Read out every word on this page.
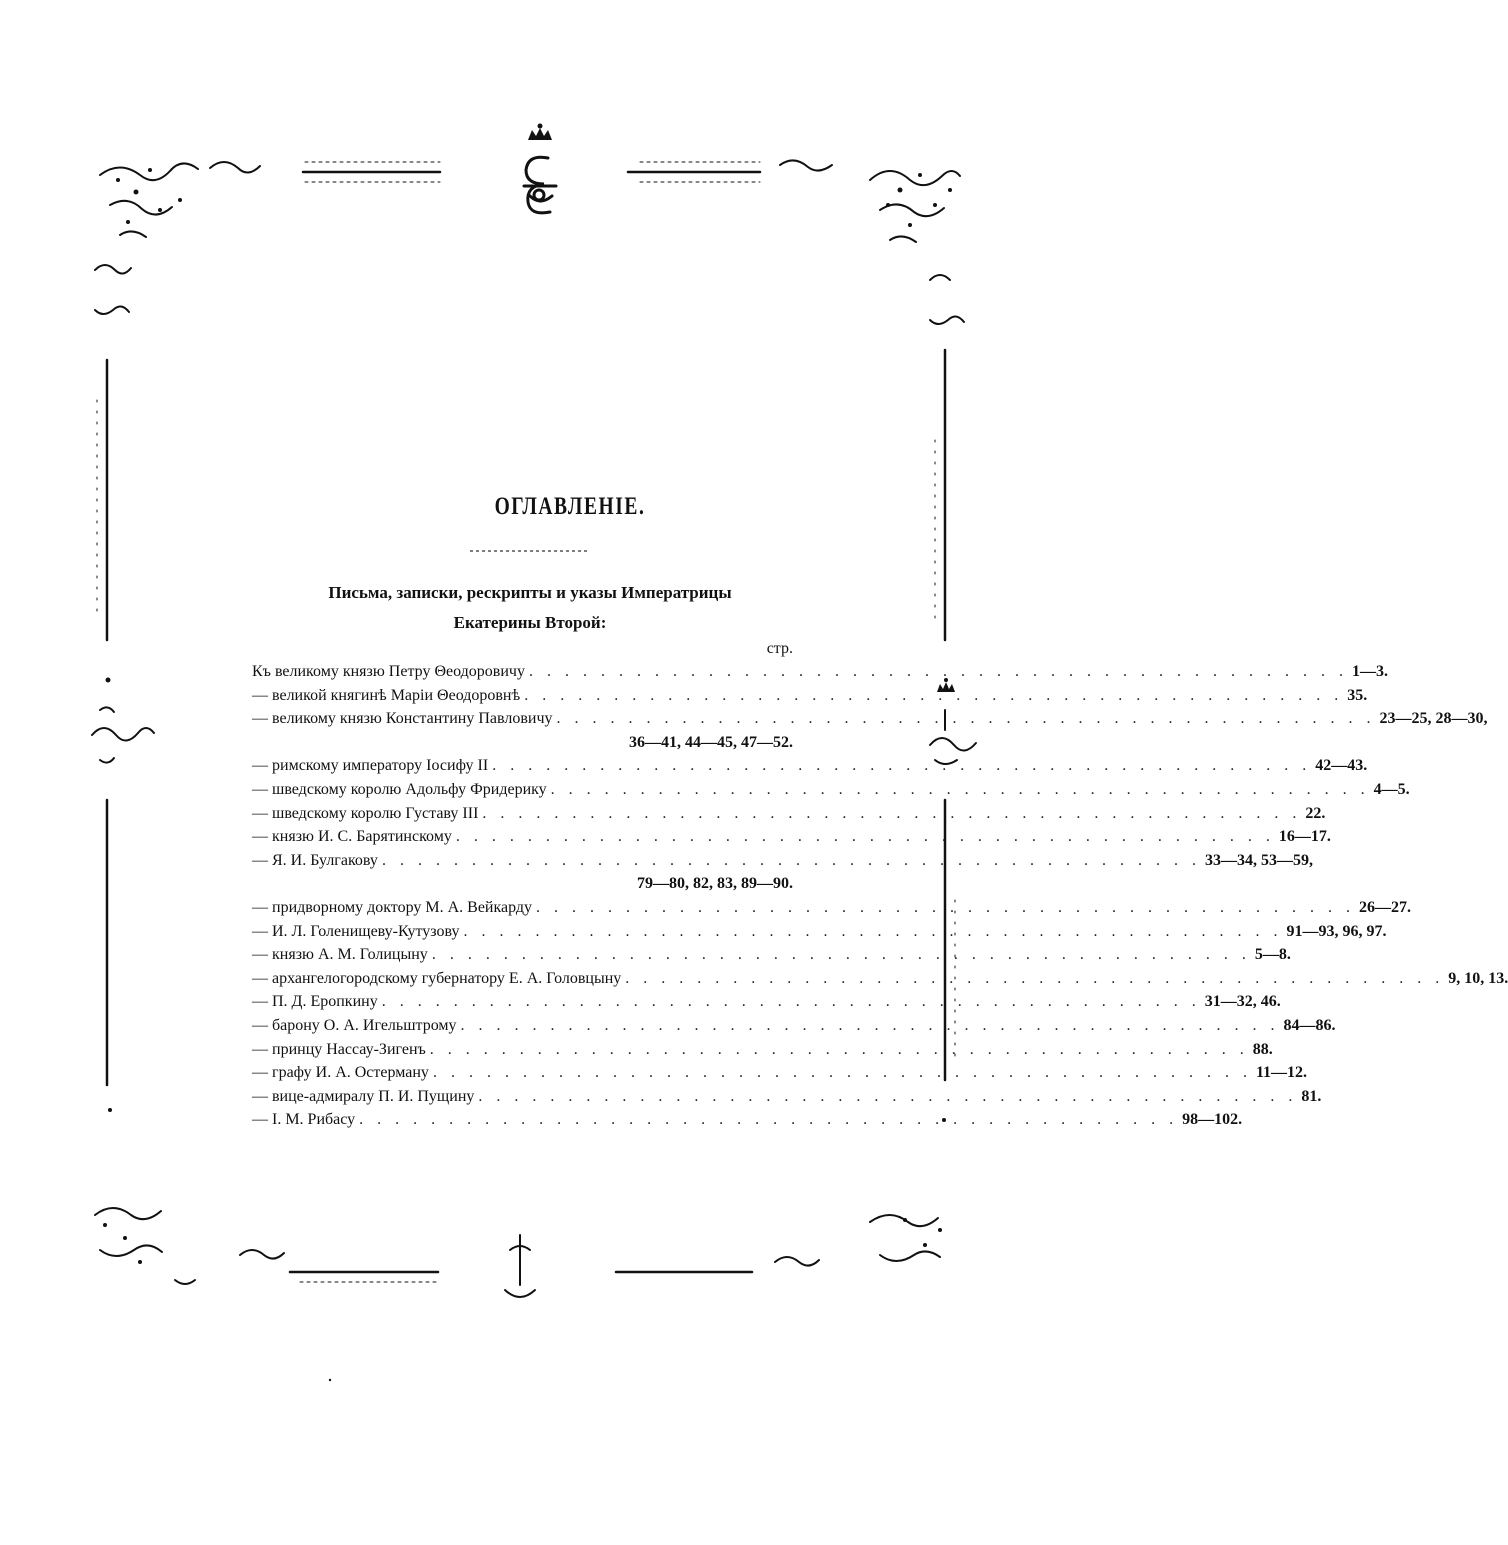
ОГЛАВЛЕНІЕ.
Письма, записки, рескрипты и указы Императрицы
Екатерины Второй:
стр.
Къ великому князю Петру Θеодоровичу . . . . . . . . . . . . . . . . . . . . . . . . . . . . . . . . . . . . . . . . . . . . . . 1—3.
— великой княгинѣ Маріи Θеодоровнѣ . . . . . . . . . . . . . . . . . . . . . . . . . . . . . . . . . . . . . . . . . . . . . . 35.
— великому князю Константину Павловичу . . . . . . . . . . . . . . . . . . . . . . . . . . . . . . . . . . . . . . . . . . . . . . 23—25, 28—30,
36—41, 44—45, 47—52.
— римскому императору Іосифу II . . . . . . . . . . . . . . . . . . . . . . . . . . . . . . . . . . . . . . . . . . . . . . 42—43.
— шведскому королю Адольфу Фридерику . . . . . . . . . . . . . . . . . . . . . . . . . . . . . . . . . . . . . . . . . . . . . . 4—5.
— шведскому королю Густаву III . . . . . . . . . . . . . . . . . . . . . . . . . . . . . . . . . . . . . . . . . . . . . . 22.
— князю И. С. Барятинскому . . . . . . . . . . . . . . . . . . . . . . . . . . . . . . . . . . . . . . . . . . . . . . 16—17.
— Я. И. Булгакову . . . . . . . . . . . . . . . . . . . . . . . . . . . . . . . . . . . . . . . . . . . . . . 33—34, 53—59,
79—80, 82, 83, 89—90.
— придворному доктору М. А. Вейкарду . . . . . . . . . . . . . . . . . . . . . . . . . . . . . . . . . . . . . . . . . . . . . . 26—27.
— И. Л. Голенищеву-Кутузову . . . . . . . . . . . . . . . . . . . . . . . . . . . . . . . . . . . . . . . . . . . . . . 91—93, 96, 97.
— князю А. М. Голицыну . . . . . . . . . . . . . . . . . . . . . . . . . . . . . . . . . . . . . . . . . . . . . . 5—8.
— архангелогородскому губернатору Е. А. Головцыну . . . . . . . . . . . . . . . . . . . . . . . . . . . . . . . . . . . . . . . . . . . . . . 9, 10, 13.
— П. Д. Еропкину . . . . . . . . . . . . . . . . . . . . . . . . . . . . . . . . . . . . . . . . . . . . . . 31—32, 46.
— барону О. А. Игельштрому . . . . . . . . . . . . . . . . . . . . . . . . . . . . . . . . . . . . . . . . . . . . . . 84—86.
— принцу Нассау-Зигенъ . . . . . . . . . . . . . . . . . . . . . . . . . . . . . . . . . . . . . . . . . . . . . . 88.
— графу И. А. Остерману . . . . . . . . . . . . . . . . . . . . . . . . . . . . . . . . . . . . . . . . . . . . . . 11—12.
— вице-адмиралу П. И. Пущину . . . . . . . . . . . . . . . . . . . . . . . . . . . . . . . . . . . . . . . . . . . . . . 81.
— І. М. Рибасу . . . . . . . . . . . . . . . . . . . . . . . . . . . . . . . . . . . . . . . . . . . . . . 98—102.
